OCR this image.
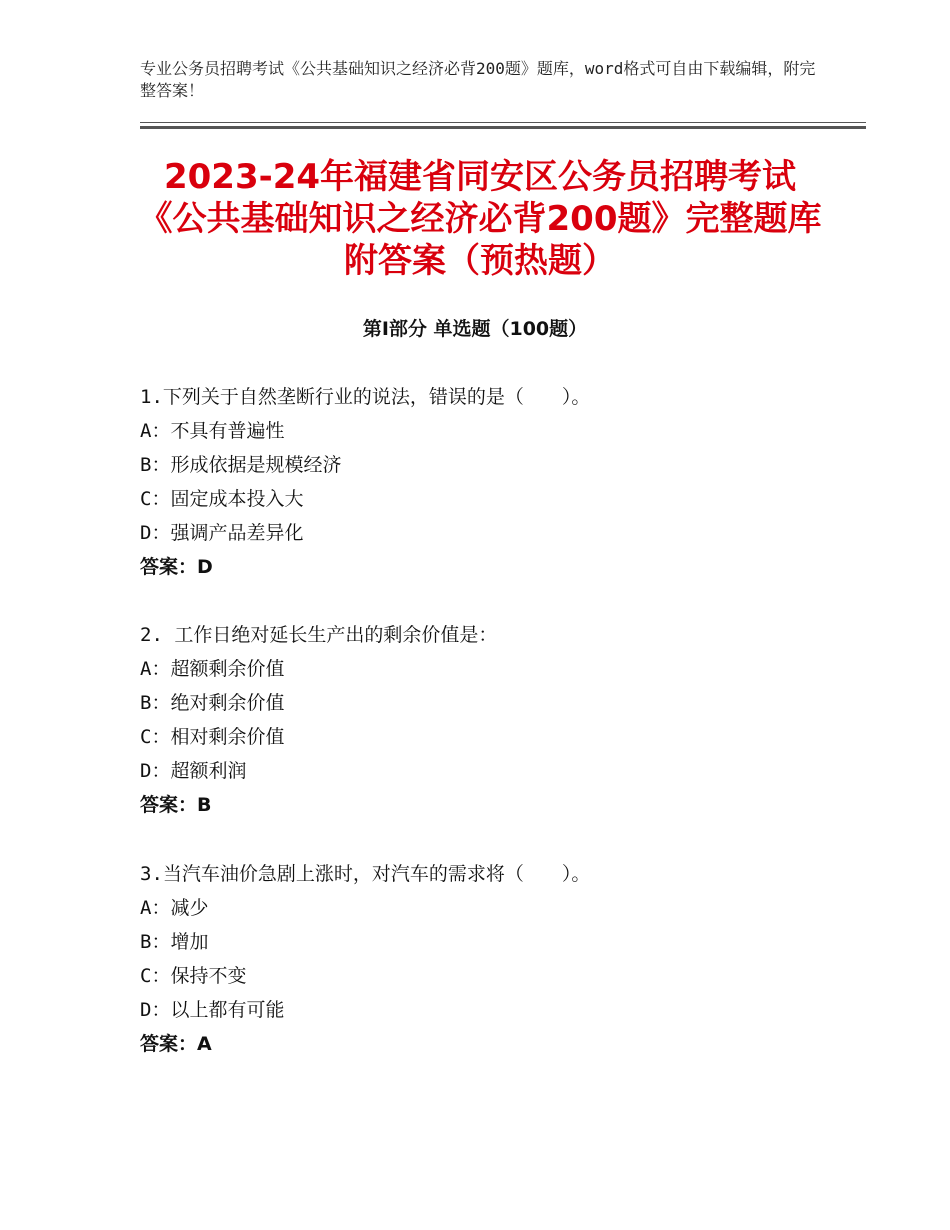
专业公务员招聘考试《公共基础知识之经济必背200题》题库，word格式可自由下载编辑，附完整答案！
2023-24年福建省同安区公务员招聘考试《公共基础知识之经济必背200题》完整题库附答案（预热题）
第Ⅰ部分 单选题（100题）
1.下列关于自然垄断行业的说法，错误的是（　　）。
A：不具有普遍性
B：形成依据是规模经济
C：固定成本投入大
D：强调产品差异化
答案：D
2. 工作日绝对延长生产出的剩余价值是：
A：超额剩余价值
B：绝对剩余价值
C：相对剩余价值
D：超额利润
答案：B
3.当汽车油价急剧上涨时，对汽车的需求将（　　）。
A：减少
B：增加
C：保持不变
D：以上都有可能
答案：A
